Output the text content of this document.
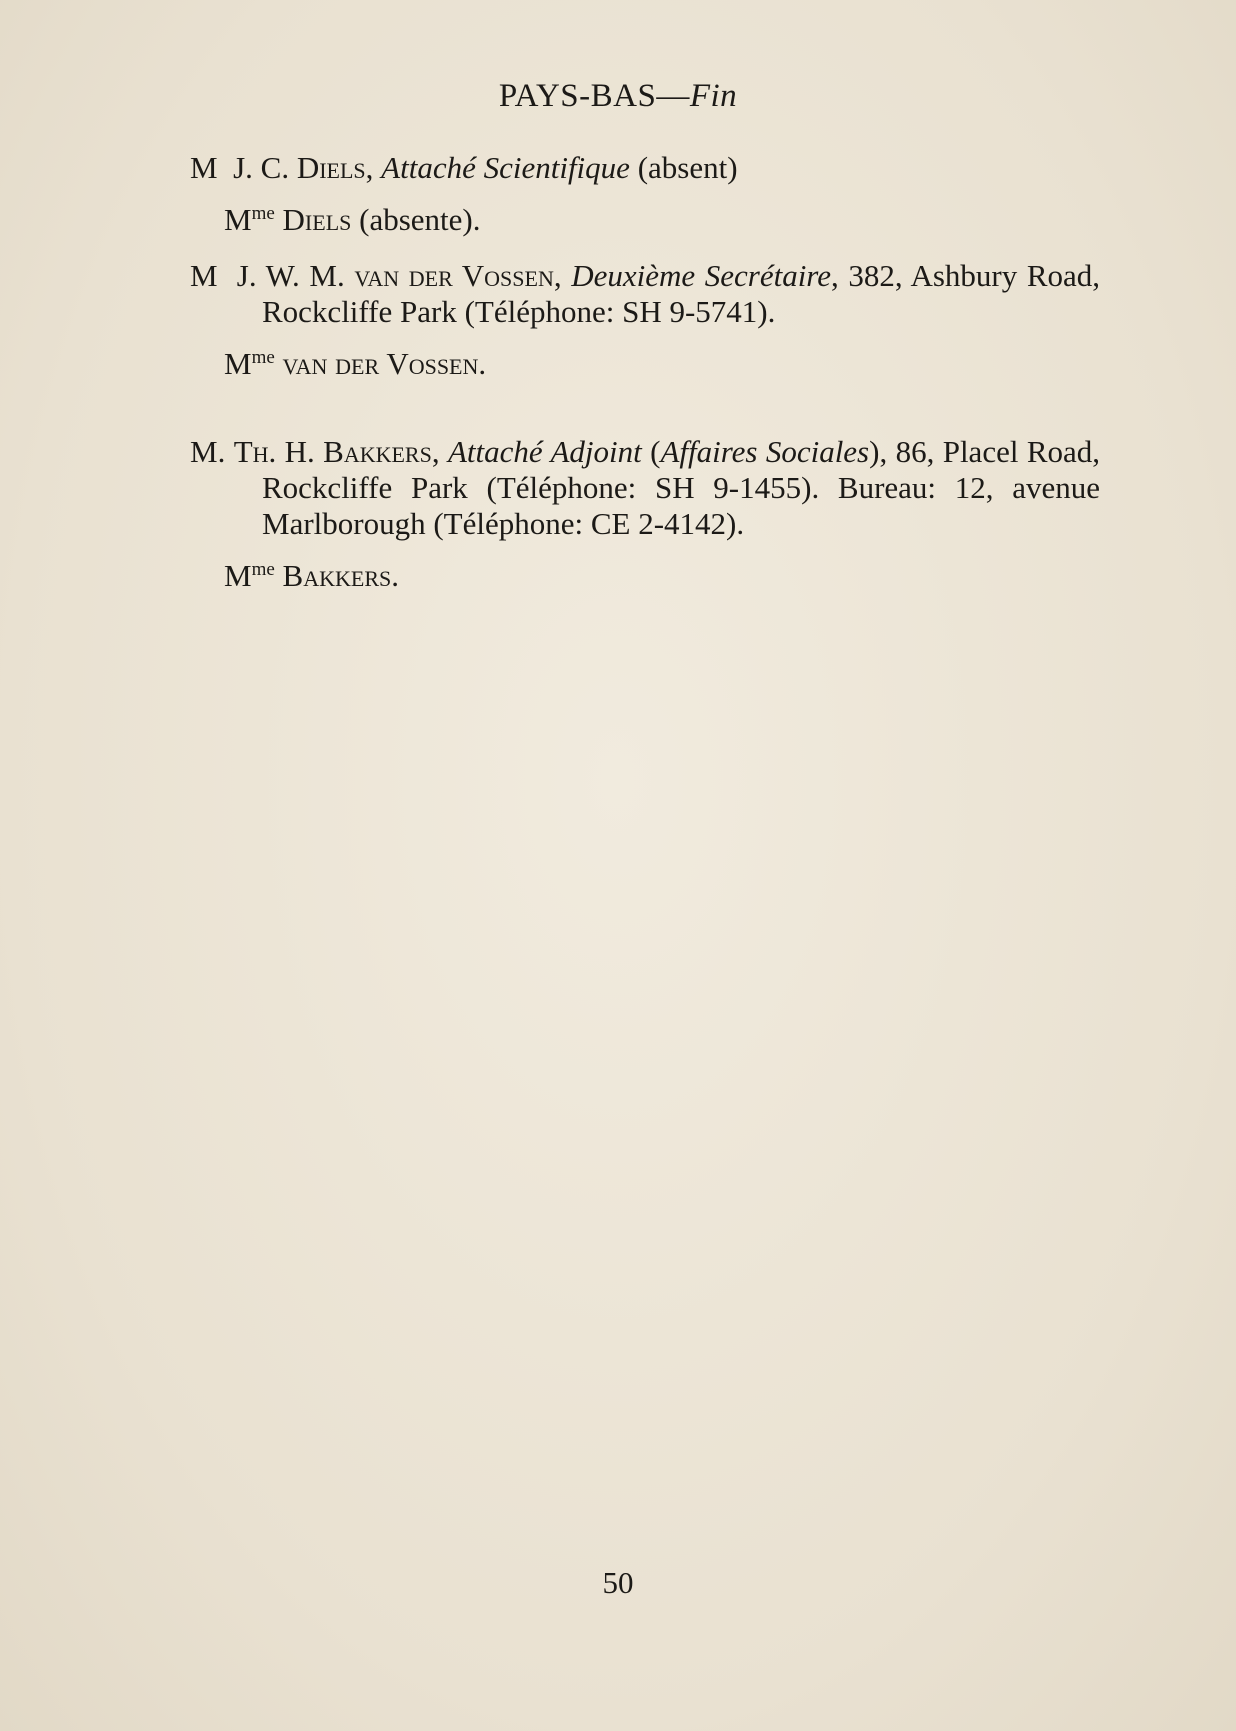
PAYS-BAS—Fin
M J. C. Diels, Attaché Scientifique (absent)
$M^{me}$ Diels (absente).
M J. W. M. van der Vossen, Deuxième Secrétaire, 382, Ashbury Road, Rockcliffe Park (Téléphone: SH 9-5741).
$M^{me}$ van der Vossen.
M. Th. H. Bakkers, Attaché Adjoint (Affaires Sociales), 86, Placel Road, Rockcliffe Park (Téléphone: SH 9-1455). Bureau: 12, avenue Marlborough (Téléphone: CE 2-4142).
$M^{me}$ Bakkers.
50
